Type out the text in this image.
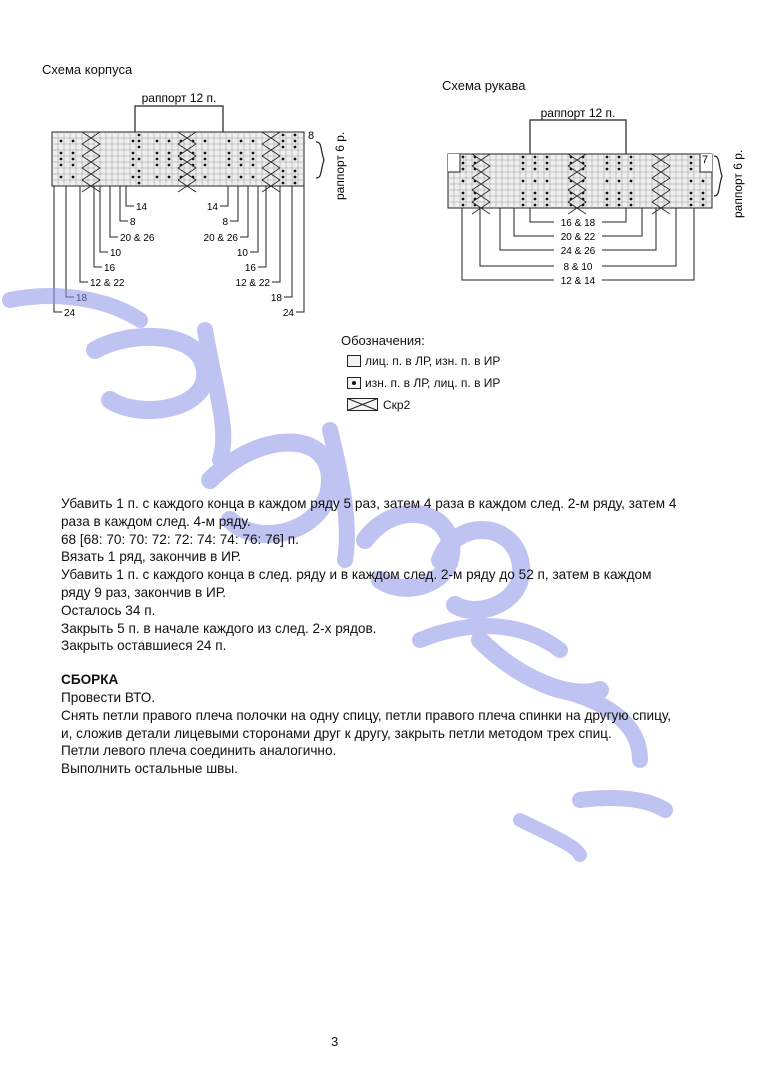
Схема корпуса
раппорт 12 п.
8 раппорт 6 р.
14
8
20 & 26
10
16
12 & 22
18
24
14
8
20 & 26
10
16
12 & 22
18
24
Схема рукава
раппорт 12 п.
7 раппорт 6 р.
16 & 18
20 & 22
24 & 26
8 & 10
12 & 14
Обозначения:
лиц. п. в ЛР, изн. п. в ИР
изн. п. в ЛР, лиц. п. в ИР
Скр2

Убавить 1 п. с каждого конца в каждом ряду 5 раз, затем 4 раза в каждом след. 2-м ряду, затем 4 раза в каждом след. 4-м ряду.

68 [68: 70: 70: 72: 72: 74: 74: 76: 76] п.

Вязать 1 ряд, закончив в ИР.

Убавить 1 п. с каждого конца в след. ряду и в каждом след. 2-м ряду до 52 п, затем в каждом ряду 9 раз, закончив в ИР.

Осталось 34 п.

Закрыть 5 п. в начале каждого из след. 2-х рядов.

Закрыть оставшиеся 24 п.

СБОРКА

Провести ВТО.

Снять петли правого плеча полочки на одну спицу, петли правого плеча спинки на другую спицу, и, сложив детали лицевыми сторонами друг к другу, закрыть петли методом трех спиц.

Петли левого плеча соединить аналогично.

Выполнить остальные швы.

3
